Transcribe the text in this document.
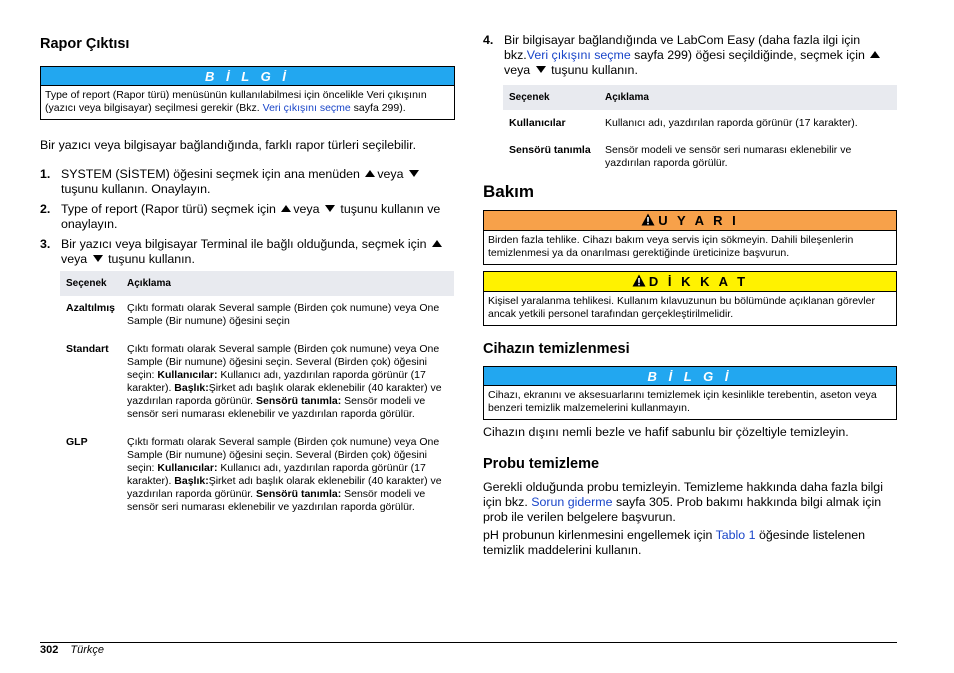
Rapor Çıktısı
B İ L G İ
Type of report (Rapor türü) menüsünün kullanılabilmesi için öncelikle Veri çıkışının (yazıcı veya bilgisayar) seçilmesi gerekir (Bkz. Veri çıkışını seçme sayfa 299).
Bir yazıcı veya bilgisayar bağlandığında, farklı rapor türleri seçilebilir.
1. SYSTEM (SİSTEM) öğesini seçmek için ana menüden veya  tuşunu kullanın. Onaylayın.
2. Type of report (Rapor türü) seçmek için veya tuşunu kullanın ve onaylayın.
3. Bir yazıcı veya bilgisayar Terminal ile bağlı olduğunda, seçmek için veya tuşunu kullanın.
Seçenek	Açıklama
Azaltılmış	Çıktı formatı olarak Several sample (Birden çok numune) veya One Sample (Bir numune) öğesini seçin
Standart	Çıktı formatı olarak Several sample (Birden çok numune) veya One Sample (Bir numune) öğesini seçin. Several (Birden çok) öğesini seçin: Kullanıcılar: Kullanıcı adı, yazdırılan raporda görünür (17 karakter). Başlık:Şirket adı başlık olarak eklenebilir (40 karakter) ve yazdırılan raporda görünür. Sensörü tanımla: Sensör modeli ve sensör seri numarası eklenebilir ve yazdırılan raporda görülür.
GLP	Çıktı formatı olarak Several sample (Birden çok numune) veya One Sample (Bir numune) öğesini seçin. Several (Birden çok) öğesini seçin: Kullanıcılar: Kullanıcı adı, yazdırılan raporda görünür (17 karakter). Başlık:Şirket adı başlık olarak eklenebilir (40 karakter) ve yazdırılan raporda görünür. Sensörü tanımla: Sensör modeli ve sensör seri numarası eklenebilir ve yazdırılan raporda görülür.
4. Bir bilgisayar bağlandığında ve LabCom Easy (daha fazla ilgi için bkz.Veri çıkışını seçme sayfa 299) öğesi seçildiğinde, seçmek için  veya tuşunu kullanın.
Seçenek	Açıklama
Kullanıcılar	Kullanıcı adı, yazdırılan raporda görünür (17 karakter).
Sensörü tanımla	Sensör modeli ve sensör seri numarası eklenebilir ve yazdırılan raporda görülür.
Bakım
U Y A R I
Birden fazla tehlike. Cihazı bakım veya servis için sökmeyin. Dahili bileşenlerin temizlenmesi ya da onarılması gerektiğinde üreticinize başvurun.
D İ K K A T
Kişisel yaralanma tehlikesi. Kullanım kılavuzunun bu bölümünde açıklanan görevler ancak yetkili personel tarafından gerçekleştirilmelidir.
Cihazın temizlenmesi
B İ L G İ
Cihazı, ekranını ve aksesuarlarını temizlemek için kesinlikle terebentin, aseton veya benzeri temizlik malzemelerini kullanmayın.
Cihazın dışını nemli bezle ve hafif sabunlu bir çözeltiyle temizleyin.
Probu temizleme
Gerekli olduğunda probu temizleyin. Temizleme hakkında daha fazla bilgi için bkz. Sorun giderme sayfa 305. Prob bakımı hakkında bilgi almak için prob ile verilen belgelere başvurun.
pH probunun kirlenmesini engellemek için Tablo 1 öğesinde listelenen temizlik maddelerini kullanın.
302 Türkçe
